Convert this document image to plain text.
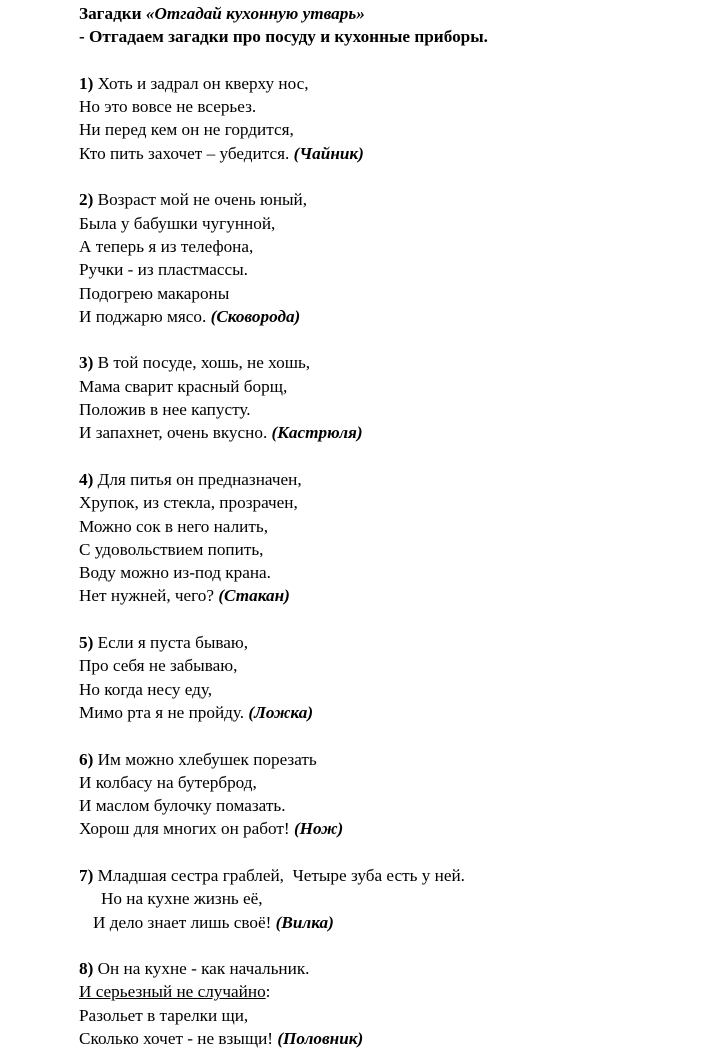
Загадки «Отгадай кухонную утварь»
- Отгадаем загадки про посуду и кухонные приборы.
1) Хоть и задрал он кверху нос,
Но это вовсе не всерьез.
Ни перед кем он не гордится,
Кто пить захочет – убедится. (Чайник)
2) Возраст мой не очень юный,
Была у бабушки чугунной,
А теперь я из телефона,
Ручки - из пластмассы.
Подогрею макароны
И поджарю мясо. (Сковорода)
3) В той посуде, хошь, не хошь,
Мама сварит красный борщ,
Положив в нее капусту.
И запахнет, очень вкусно. (Кастрюля)
4) Для питья он предназначен,
Хрупок, из стекла, прозрачен,
Можно сок в него налить,
С удовольствием попить,
Воду можно из-под крана.
Нет нужней, чего? (Стакан)
5) Если я пуста бываю,
Про себя не забываю,
Но когда несу еду,
Мимо рта я не пройду. (Ложка)
6) Им можно хлебушек порезать
И колбасу на бутерброд,
И маслом булочку помазать.
Хорош для многих он работ! (Нож)
7) Младшая сестра граблей,  Четыре зуба есть у ней.
Но на кухне жизнь её,
И дело знает лишь своё! (Вилка)
8) Он на кухне - как начальник.
И серьезный не случайно:
Разольет в тарелки щи,
Сколько хочет - не взыщи! (Половник)
